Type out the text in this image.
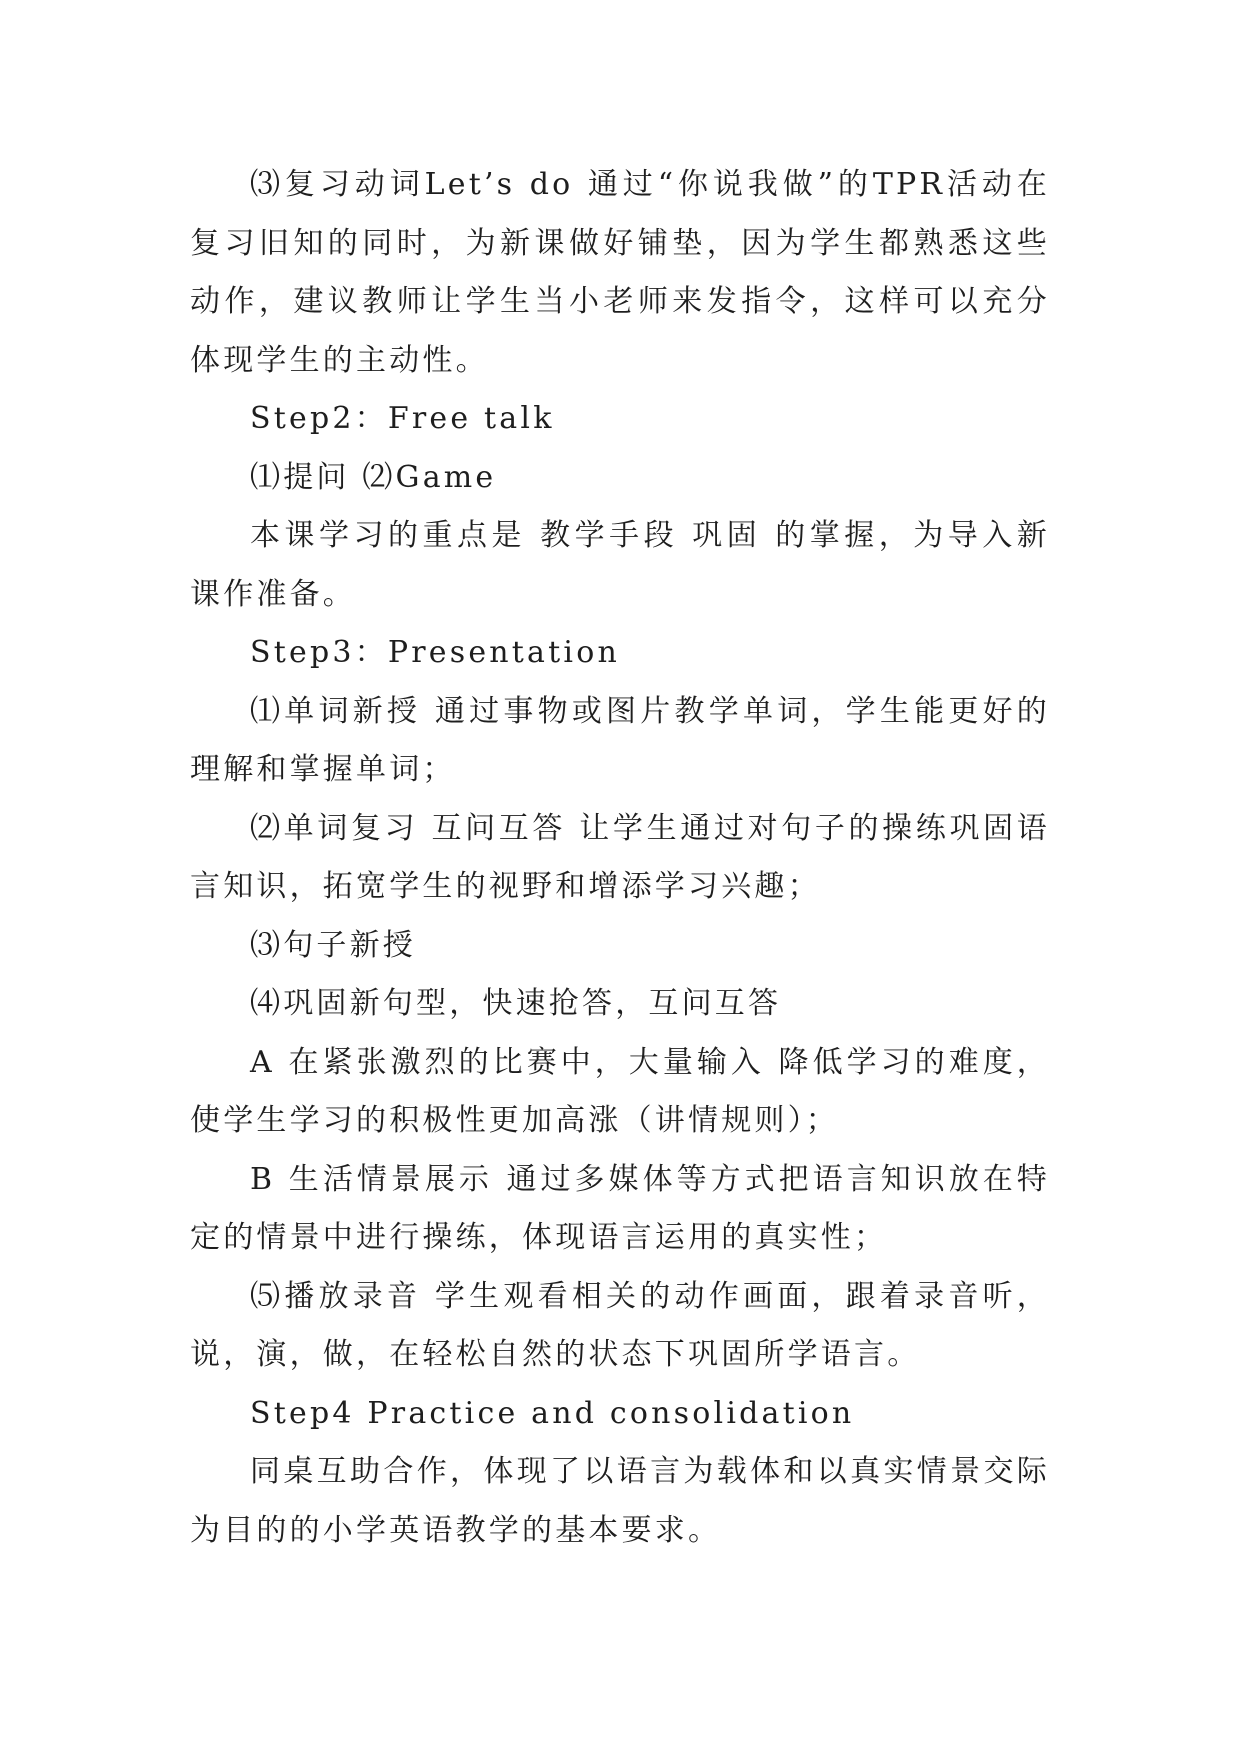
⑶复习动词Let’s do 通过“你说我做”的TPR活动在复习旧知的同时，为新课做好铺垫，因为学生都熟悉这些动作，建议教师让学生当小老师来发指令，这样可以充分体现学生的主动性。

Step2：Free talk

⑴提问 ⑵Game

本课学习的重点是 教学手段 巩固 的掌握，为导入新课作准备。

Step3：Presentation

⑴单词新授 通过事物或图片教学单词，学生能更好的理解和掌握单词；

⑵单词复习 互问互答 让学生通过对句子的操练巩固语言知识，拓宽学生的视野和增添学习兴趣；

⑶句子新授

⑷巩固新句型，快速抢答，互问互答

A 在紧张激烈的比赛中，大量输入 降低学习的难度，使学生学习的积极性更加高涨（讲情规则）；

B 生活情景展示 通过多媒体等方式把语言知识放在特定的情景中进行操练，体现语言运用的真实性；

⑸播放录音 学生观看相关的动作画面，跟着录音听，说，演，做，在轻松自然的状态下巩固所学语言。

Step4 Practice and consolidation

同桌互助合作，体现了以语言为载体和以真实情景交际为目的的小学英语教学的基本要求。
